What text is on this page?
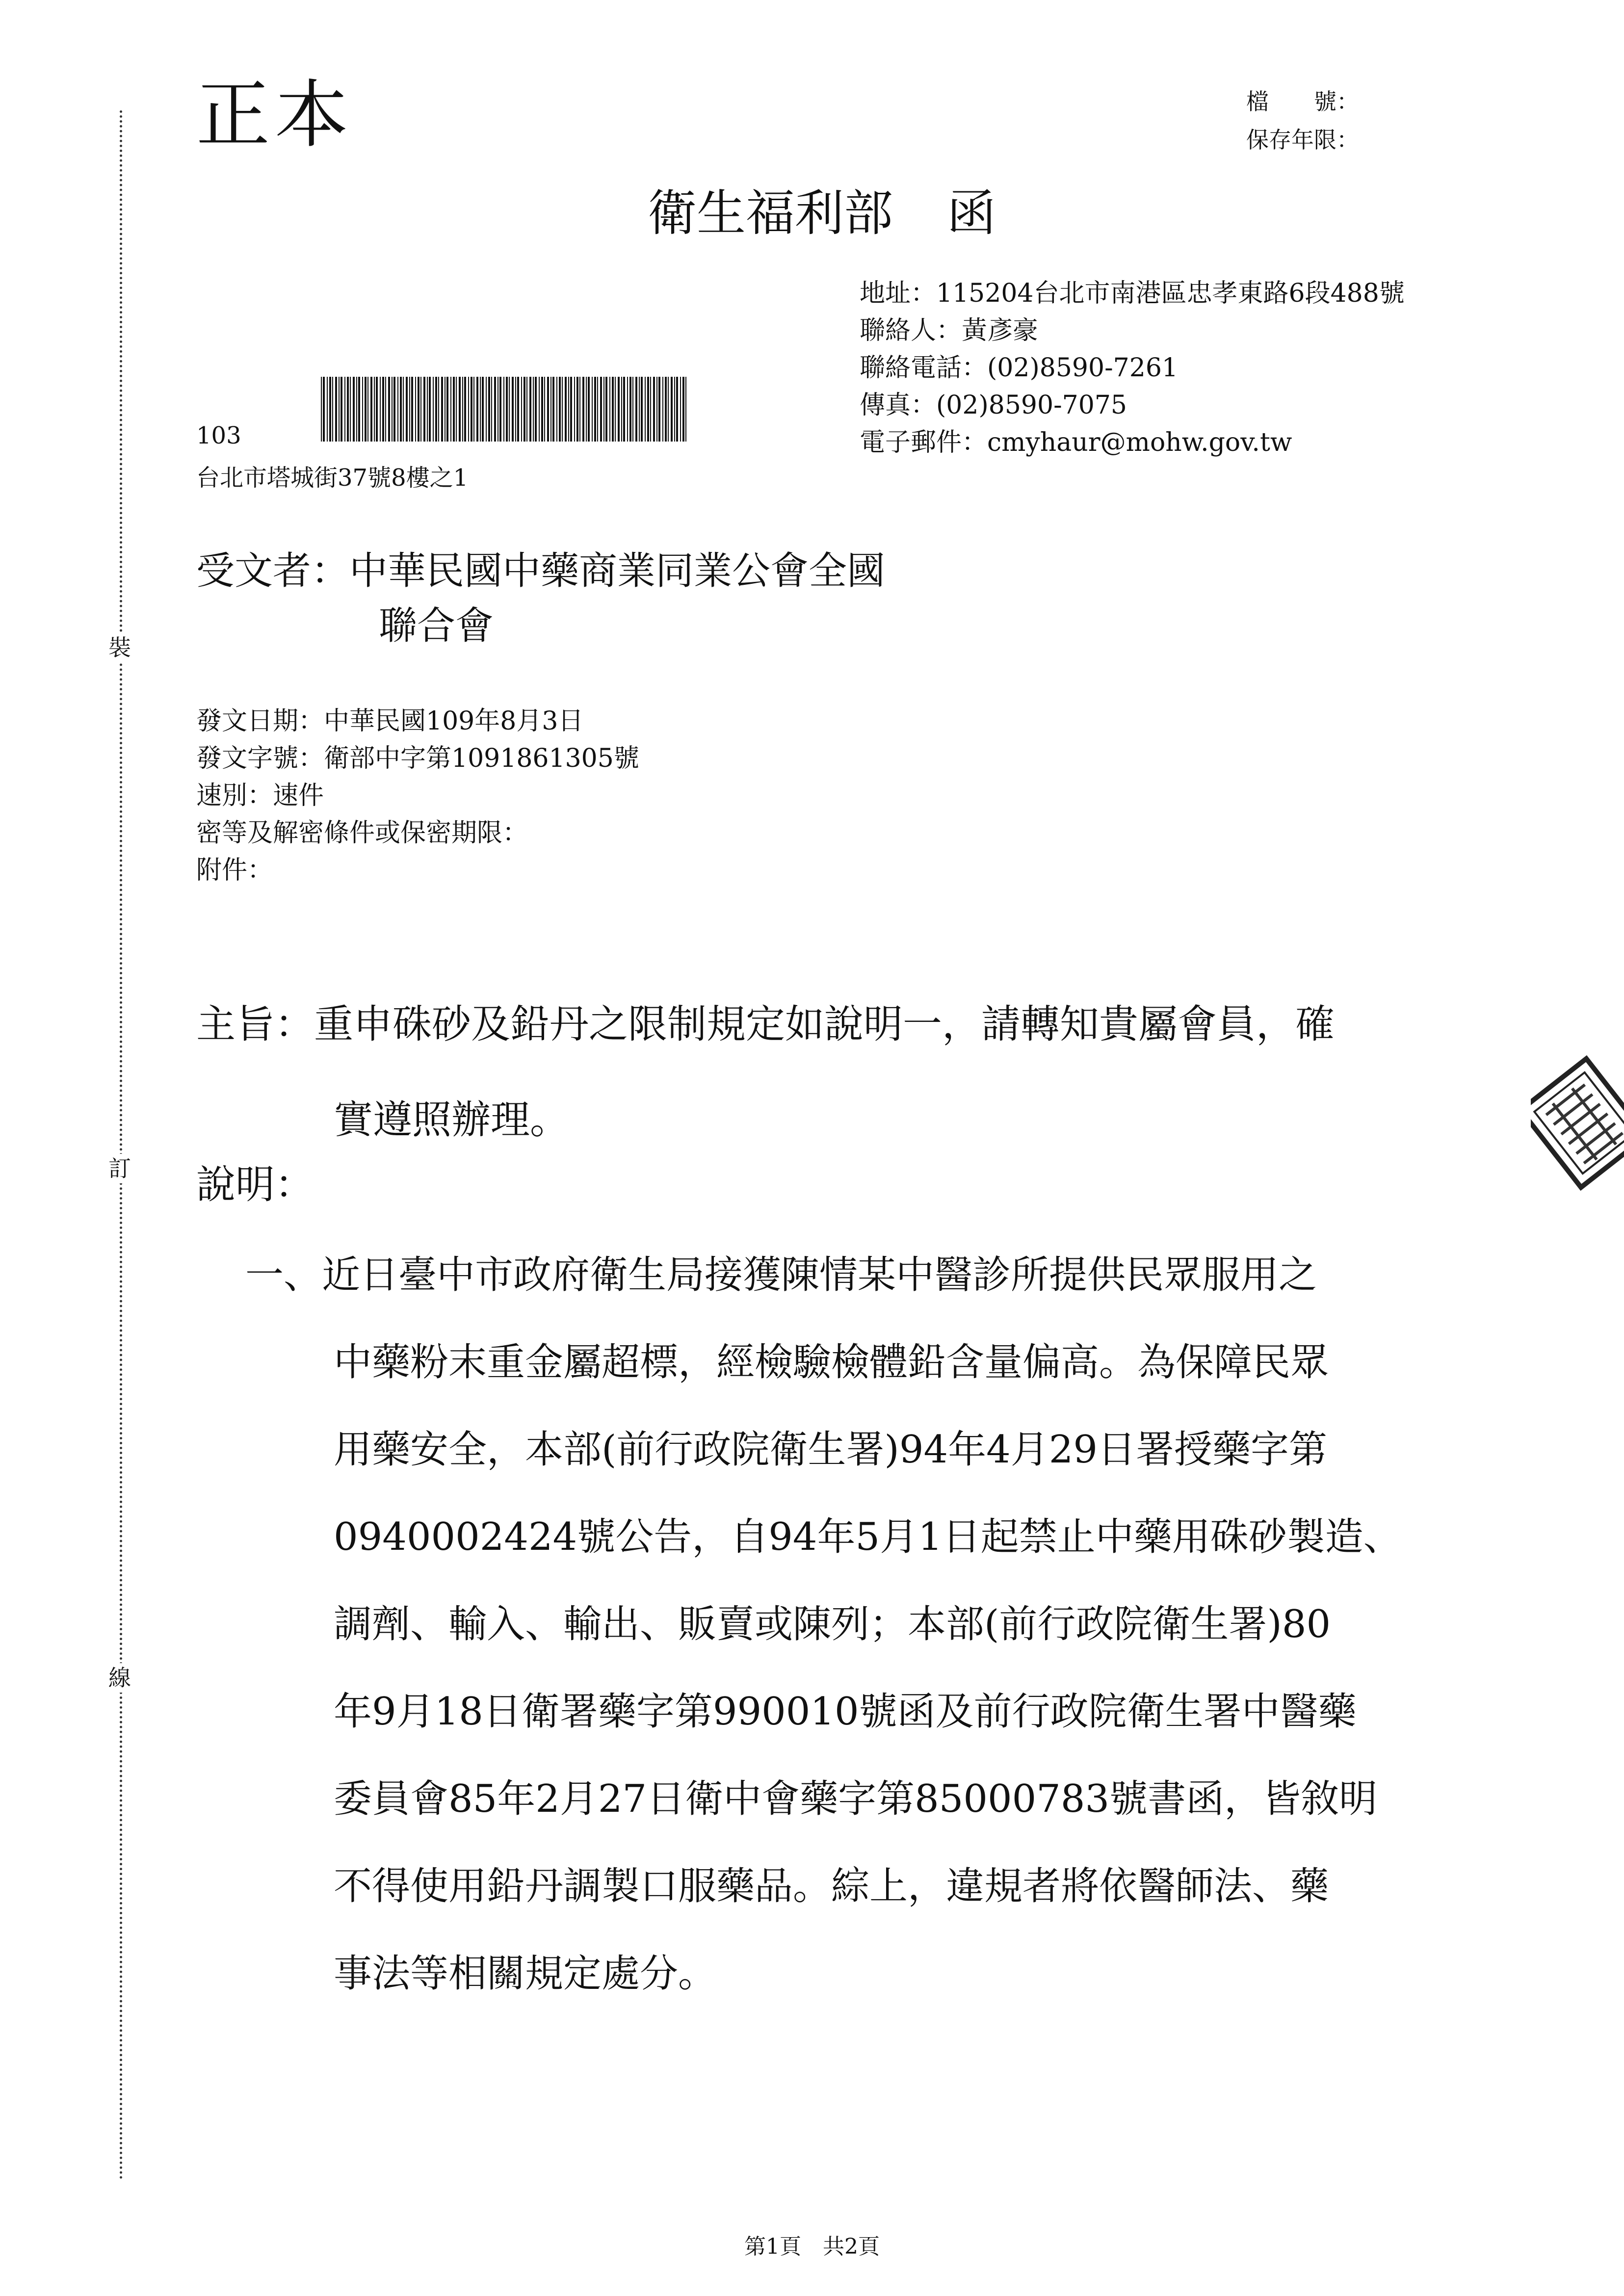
裝
訂
線
正本	檔　　號：
保存年限：
衛生福利部 函
地址：115204台北市南港區忠孝東路6段488號
聯絡人：黃彥豪
聯絡電話：(02)8590-7261
傳真：(02)8590-7075
電子郵件：cmyhaur@mohw.gov.tw
103
台北市塔城街37號8樓之1
受文者：中華民國中藥商業同業公會全國
聯合會
發文日期：中華民國109年8月3日
發文字號：衛部中字第1091861305號
速別：速件
密等及解密條件或保密期限：
附件：
主旨：重申硃砂及鉛丹之限制規定如說明一，請轉知貴屬會員，確
實遵照辦理。
說明：
一、近日臺中市政府衛生局接獲陳情某中醫診所提供民眾服用之
中藥粉末重金屬超標，經檢驗檢體鉛含量偏高。為保障民眾
用藥安全，本部(前行政院衛生署)94年4月29日署授藥字第
0940002424號公告，自94年5月1日起禁止中藥用硃砂製造、
調劑、輸入、輸出、販賣或陳列；本部(前行政院衛生署)80
年9月18日衛署藥字第990010號函及前行政院衛生署中醫藥
委員會85年2月27日衛中會藥字第85000783號書函，皆敘明
不得使用鉛丹調製口服藥品。綜上，違規者將依醫師法、藥
事法等相關規定處分。
第1頁　共2頁
